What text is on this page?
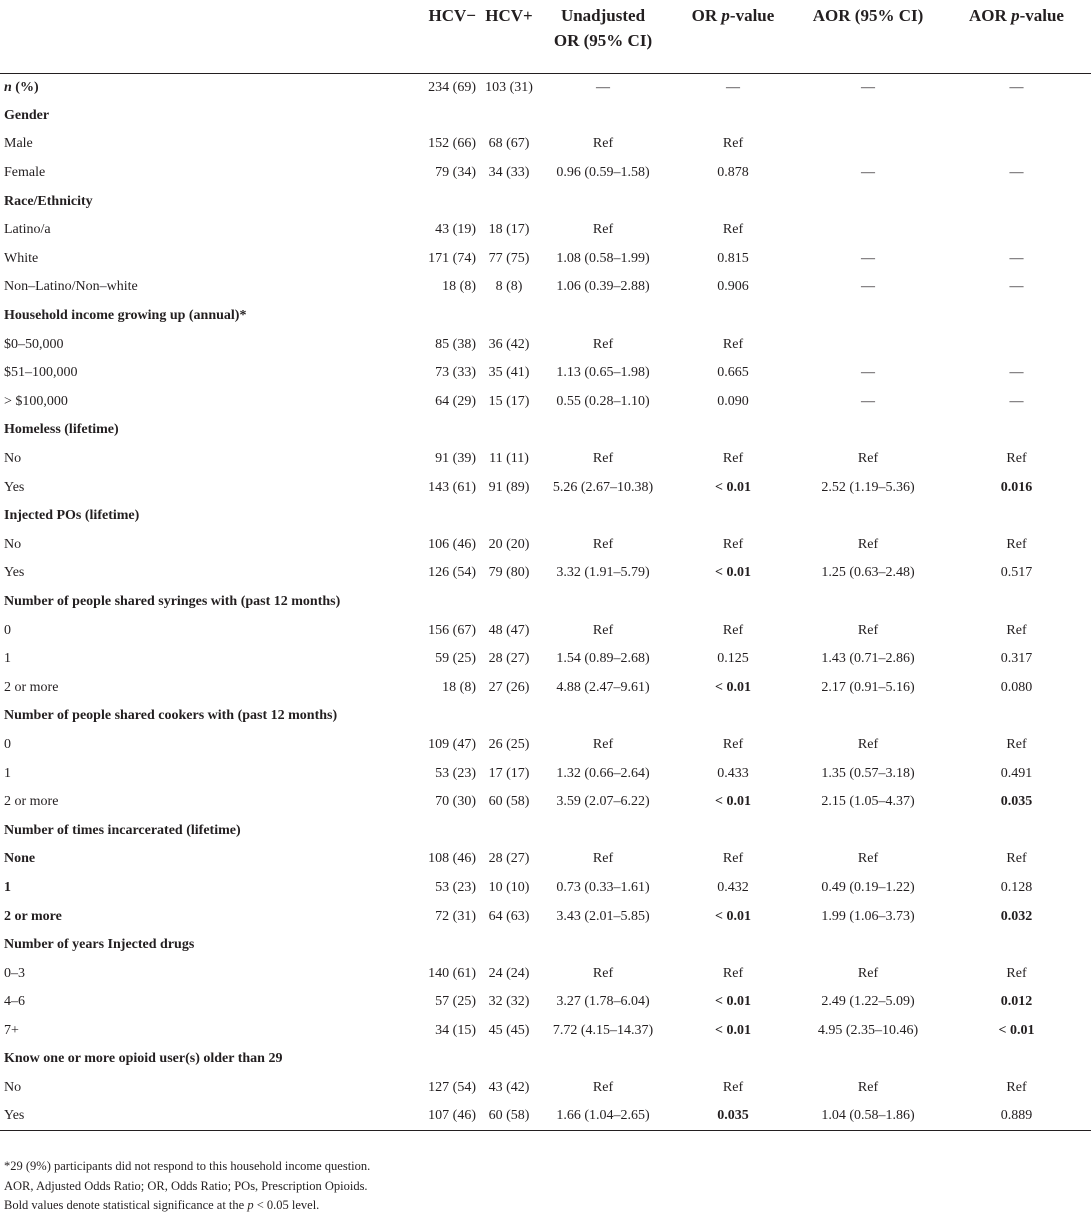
	HCV−	HCV+	Unadjusted
OR (95% CI)	OR p-value	AOR (95% CI)	AOR p-value
n (%)	234 (69)	103 (31)	—	—	—	—
Gender						
Male	152 (66)	68 (67)	Ref	Ref		
Female	79 (34)	34 (33)	0.96 (0.59–1.58)	0.878	—	—
Race/Ethnicity						
Latino/a	43 (19)	18 (17)	Ref	Ref		
White	171 (74)	77 (75)	1.08 (0.58–1.99)	0.815	—	—
Non–Latino/Non–white	18 (8)	8 (8)	1.06 (0.39–2.88)	0.906	—	—
Household income growing up (annual)*						
$0–50,000	85 (38)	36 (42)	Ref	Ref		
$51–100,000	73 (33)	35 (41)	1.13 (0.65–1.98)	0.665	—	—
> $100,000	64 (29)	15 (17)	0.55 (0.28–1.10)	0.090	—	—
Homeless (lifetime)						
No	91 (39)	11 (11)	Ref	Ref	Ref	Ref
Yes	143 (61)	91 (89)	5.26 (2.67–10.38)	< 0.01	2.52 (1.19–5.36)	0.016
Injected POs (lifetime)						
No	106 (46)	20 (20)	Ref	Ref	Ref	Ref
Yes	126 (54)	79 (80)	3.32 (1.91–5.79)	< 0.01	1.25 (0.63–2.48)	0.517
Number of people shared syringes with (past 12 months)						
0	156 (67)	48 (47)	Ref	Ref	Ref	Ref
1	59 (25)	28 (27)	1.54 (0.89–2.68)	0.125	1.43 (0.71–2.86)	0.317
2 or more	18 (8)	27 (26)	4.88 (2.47–9.61)	< 0.01	2.17 (0.91–5.16)	0.080
Number of people shared cookers with (past 12 months)						
0	109 (47)	26 (25)	Ref	Ref	Ref	Ref
1	53 (23)	17 (17)	1.32 (0.66–2.64)	0.433	1.35 (0.57–3.18)	0.491
2 or more	70 (30)	60 (58)	3.59 (2.07–6.22)	< 0.01	2.15 (1.05–4.37)	0.035
Number of times incarcerated (lifetime)						
None	108 (46)	28 (27)	Ref	Ref	Ref	Ref
1	53 (23)	10 (10)	0.73 (0.33–1.61)	0.432	0.49 (0.19–1.22)	0.128
2 or more	72 (31)	64 (63)	3.43 (2.01–5.85)	< 0.01	1.99 (1.06–3.73)	0.032
Number of years Injected drugs						
0–3	140 (61)	24 (24)	Ref	Ref	Ref	Ref
4–6	57 (25)	32 (32)	3.27 (1.78–6.04)	< 0.01	2.49 (1.22–5.09)	0.012
7+	34 (15)	45 (45)	7.72 (4.15–14.37)	< 0.01	4.95 (2.35–10.46)	< 0.01
Know one or more opioid user(s) older than 29						
No	127 (54)	43 (42)	Ref	Ref	Ref	Ref
Yes	107 (46)	60 (58)	1.66 (1.04–2.65)	0.035	1.04 (0.58–1.86)	0.889
*29 (9%) participants did not respond to this household income question.
AOR, Adjusted Odds Ratio; OR, Odds Ratio; POs, Prescription Opioids.
Bold values denote statistical significance at the p < 0.05 level.
